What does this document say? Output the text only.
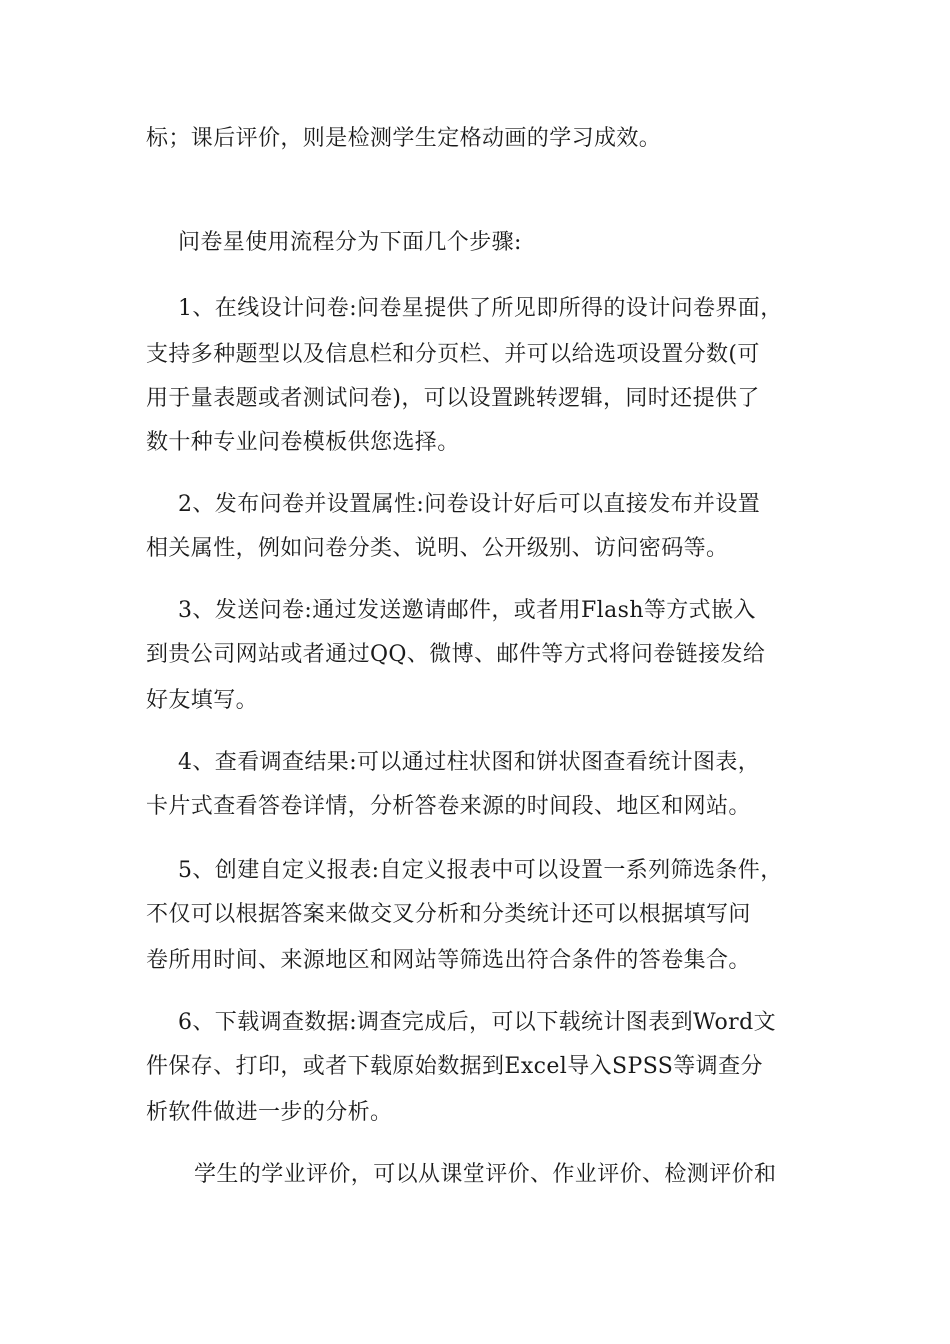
标；课后评价，则是检测学生定格动画的学习成效。

问卷星使用流程分为下面几个步骤:

1、在线设计问卷:问卷星提供了所见即所得的设计问卷界面，

支持多种题型以及信息栏和分页栏、并可以给选项设置分数(可

用于量表题或者测试问卷)，可以设置跳转逻辑，同时还提供了

数十种专业问卷模板供您选择。

2、发布问卷并设置属性:问卷设计好后可以直接发布并设置

相关属性，例如问卷分类、说明、公开级别、访问密码等。

3、发送问卷:通过发送邀请邮件，或者用Flash等方式嵌入

到贵公司网站或者通过QQ、微博、邮件等方式将问卷链接发给

好友填写。

4、查看调查结果:可以通过柱状图和饼状图查看统计图表，

卡片式查看答卷详情，分析答卷来源的时间段、地区和网站。

5、创建自定义报表:自定义报表中可以设置一系列筛选条件，

不仅可以根据答案来做交叉分析和分类统计还可以根据填写问

卷所用时间、来源地区和网站等筛选出符合条件的答卷集合。

6、下载调查数据:调查完成后，可以下载统计图表到Word文

件保存、打印，或者下载原始数据到Excel导入SPSS等调查分

析软件做进一步的分析。

学生的学业评价，可以从课堂评价、作业评价、检测评价和
